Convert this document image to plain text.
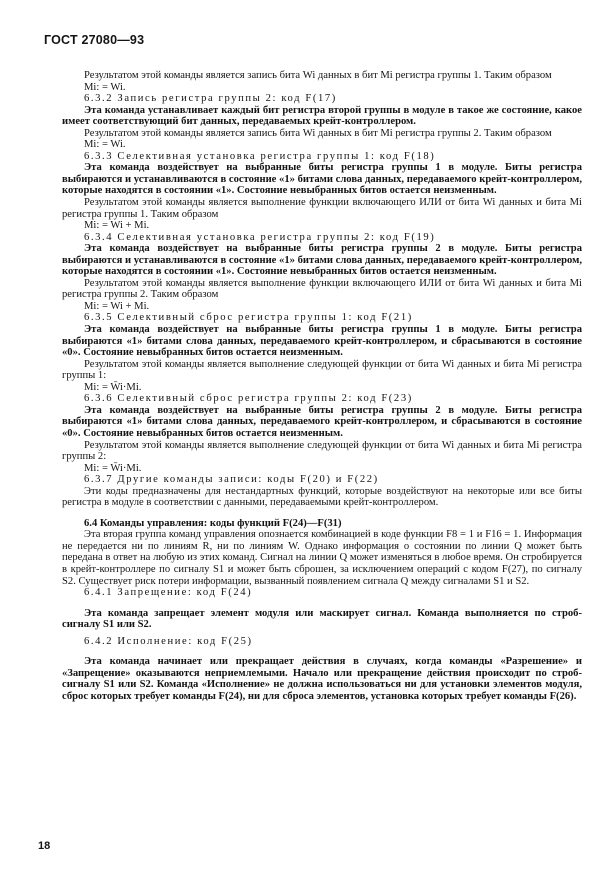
ГОСТ 27080—93

Результатом этой команды является запись бита Wi данных в бит Mi регистра группы 1. Таким образом

Mi: = Wi.

6.3.2 Запись регистра группы 2: код F(17)

Эта команда устанавливает каждый бит регистра второй группы в модуле в такое же состояние, какое имеет соответствующий бит данных, передаваемых крейт-контроллером.

Результатом этой команды является запись бита Wi данных в бит Mi регистра группы 2. Таким образом

Mi: = Wi.

6.3.3 Селективная установка регистра группы 1: код F(18)

Эта команда воздействует на выбранные биты регистра группы 1 в модуле. Биты регистра выбираются и устанавливаются в состояние «1» битами слова данных, передаваемого крейт-контроллером, которые находятся в состоянии «1». Состояние невыбранных битов остается неизменным.

Результатом этой команды является выполнение функции включающего ИЛИ от бита Wi данных и бита Mi регистра группы 1. Таким образом

Mi: = Wi + Mi.

6.3.4 Селективная установка регистра группы 2: код F(19)

Эта команда воздействует на выбранные биты регистра группы 2 в модуле. Биты регистра выбираются и устанавливаются в состояние «1» битами слова данных, передаваемого крейт-контроллером, которые находятся в состоянии «1». Состояние невыбранных битов остается неизменным.

Результатом этой команды является выполнение функции включающего ИЛИ от бита Wi данных и бита Mi регистра группы 2. Таким образом

Mi: = Wi + Mi.

6.3.5 Селективный сброс регистра группы 1: код F(21)

Эта команда воздействует на выбранные биты регистра группы 1 в модуле. Биты регистра выбираются «1» битами слова данных, передаваемого крейт-контроллером, и сбрасываются в состояние «0». Состояние невыбранных битов остается неизменным.

Результатом этой команды является выполнение следующей функции от бита Wi данных и бита Mi регистра группы 1:

Mi: = W̄i·Mi.

6.3.6 Селективный сброс регистра группы 2: код F(23)

Эта команда воздействует на выбранные биты регистра группы 2 в модуле. Биты регистра выбираются «1» битами слова данных, передаваемого крейт-контроллером, и сбрасываются в состояние «0». Состояние невыбранных битов остается неизменным.

Результатом этой команды является выполнение следующей функции от бита Wi данных и бита Mi регистра группы 2:

Mi: = W̄i·Mi.

6.3.7 Другие команды записи: коды F(20) и F(22)

Эти коды предназначены для нестандартных функций, которые воздействуют на некоторые или все биты регистра в модуле в соответствии с данными, передаваемыми крейт-контроллером.

6.4 Команды управления: коды функций F(24)—F(31)

Эта вторая группа команд управления опознается комбинацией в коде функции F8 = 1 и F16 = 1. Информация не передается ни по линиям R, ни по линиям W. Однако информация о состоянии по линии Q может быть передана в ответ на любую из этих команд. Сигнал на линии Q может изменяться в любое время. Он стробируется в крейт-контроллере по сигналу S1 и может быть сброшен, за исключением операций с кодом F(27), по сигналу S2. Существует риск потери информации, вызванный появлением сигнала Q между сигналами S1 и S2.

6.4.1 Запрещение: код F(24)

Эта команда запрещает элемент модуля или маскирует сигнал. Команда выполняется по строб-сигналу S1 или S2.

6.4.2 Исполнение: код F(25)

Эта команда начинает или прекращает действия в случаях, когда команды «Разрешение» и «Запрещение» оказываются неприемлемыми. Начало или прекращение действия происходит по строб-сигналу S1 или S2. Команда «Исполнение» не должна использоваться ни для установки элементов модуля, сброс которых требует команды F(24), ни для сброса элементов, установка которых требует команды F(26).

18
